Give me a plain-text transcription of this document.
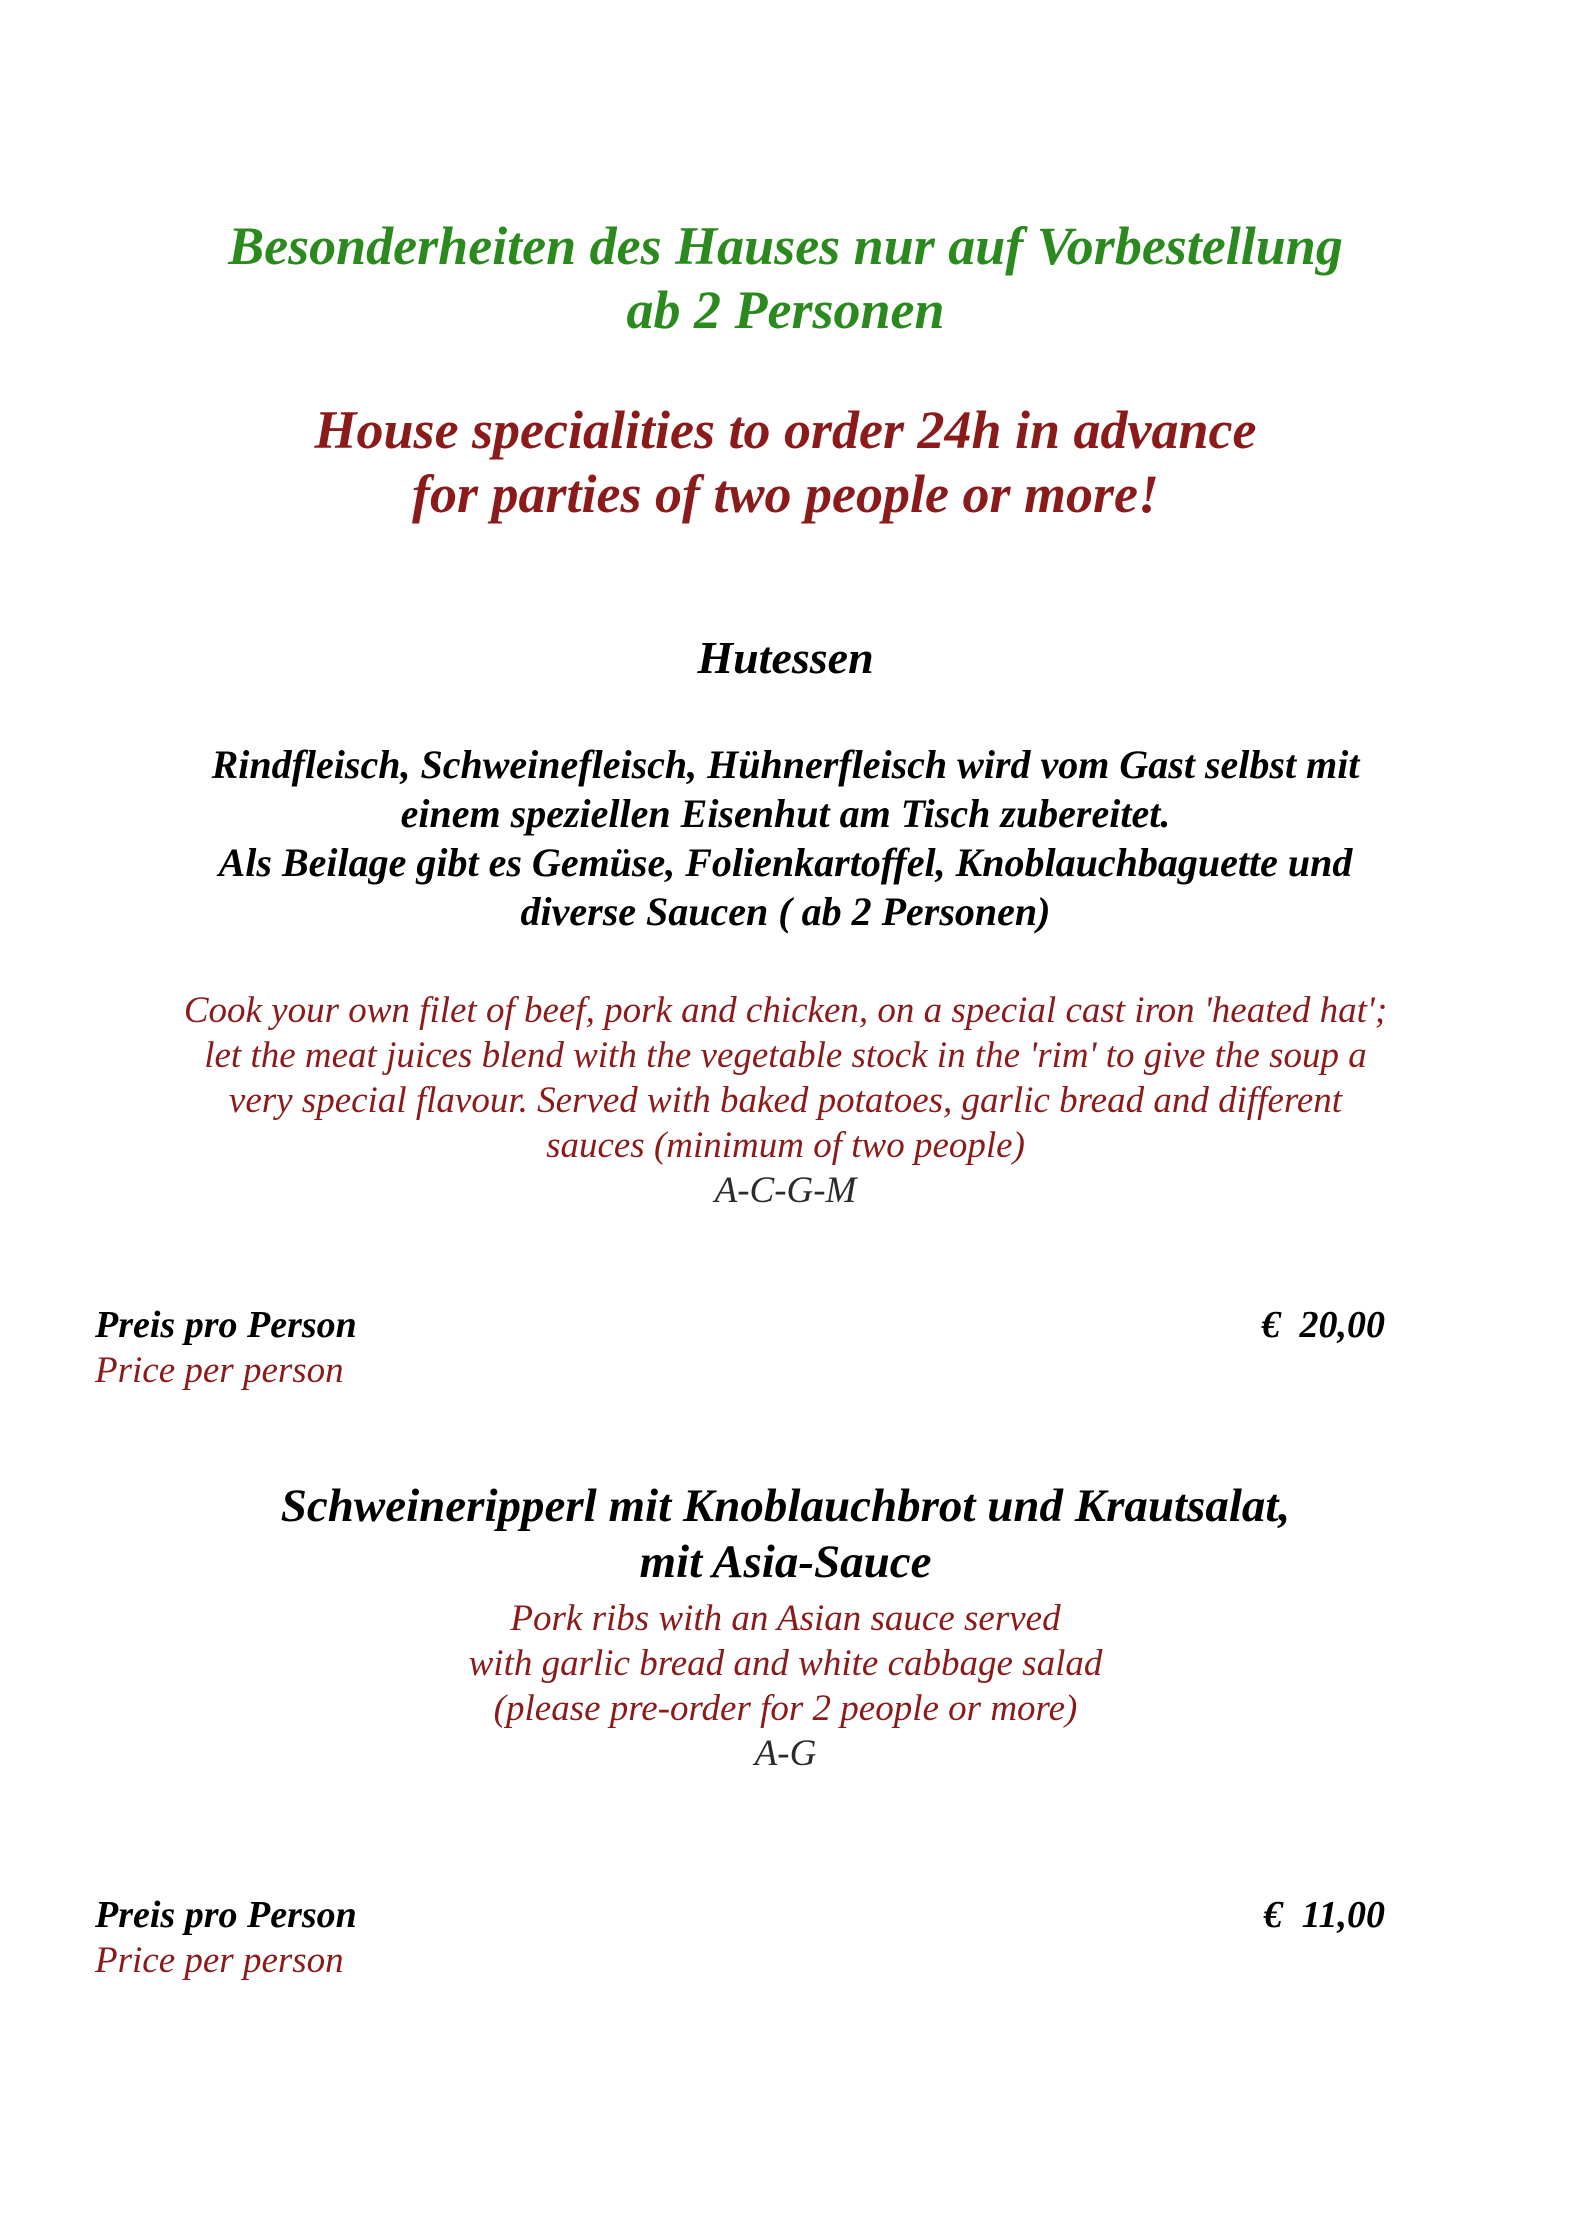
Besonderheiten des Hauses nur auf Vorbestellung
ab 2 Personen
House specialities to order 24h in advance
for parties of two people or more!
Hutessen
Rindfleisch, Schweinefleisch, Hühnerfleisch wird vom Gast selbst mit
einem speziellen Eisenhut am Tisch zubereitet.
Als Beilage gibt es Gemüse, Folienkartoffel, Knoblauchbaguette und
diverse Saucen ( ab 2 Personen)
Cook your own filet of beef, pork and chicken, on a special cast iron 'heated hat';
let the meat juices blend with the vegetable stock in the 'rim' to give the soup a
very special flavour. Served with baked potatoes, garlic bread and different
sauces (minimum of two people)
A-C-G-M
Preis pro Person
Price per person
€  20,00
Schweineripperl mit Knoblauchbrot und Krautsalat,
mit Asia-Sauce
Pork ribs with an Asian sauce served
with garlic bread and white cabbage salad
(please pre-order for 2 people or more)
A-G
Preis pro Person
Price per person
€  11,00
